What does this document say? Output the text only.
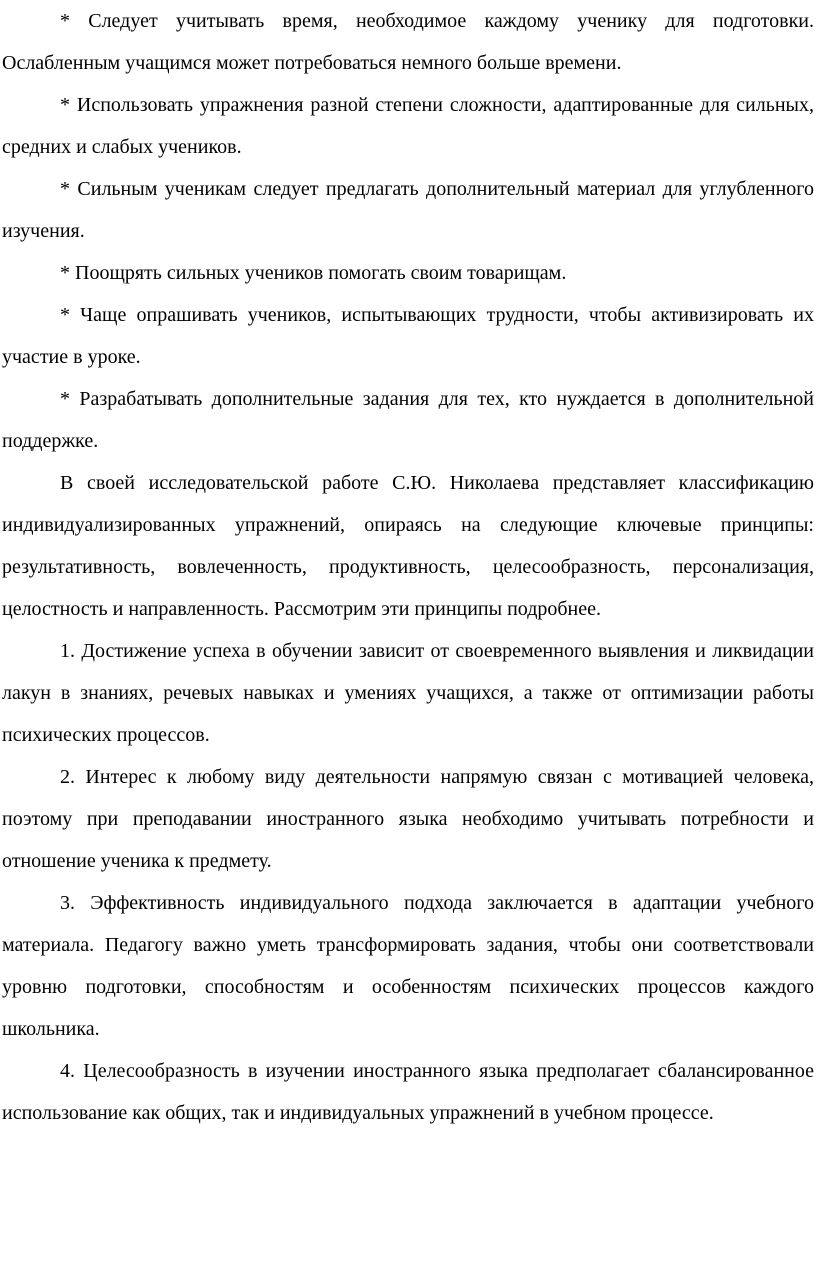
* Следует учитывать время, необходимое каждому ученику для подготовки. Ослабленным учащимся может потребоваться немного больше времени.

* Использовать упражнения разной степени сложности, адаптированные для сильных, средних и слабых учеников.

* Сильным ученикам следует предлагать дополнительный материал для углубленного изучения.

* Поощрять сильных учеников помогать своим товарищам.

* Чаще опрашивать учеников, испытывающих трудности, чтобы активизировать их участие в уроке.

* Разрабатывать дополнительные задания для тех, кто нуждается в дополнительной поддержке.

В своей исследовательской работе С.Ю. Николаева представляет классификацию индивидуализированных упражнений, опираясь на следующие ключевые принципы: результативность, вовлеченность, продуктивность, целесообразность, персонализация, целостность и направленность. Рассмотрим эти принципы подробнее.

1. Достижение успеха в обучении зависит от своевременного выявления и ликвидации лакун в знаниях, речевых навыках и умениях учащихся, а также от оптимизации работы психических процессов.

2. Интерес к любому виду деятельности напрямую связан с мотивацией человека, поэтому при преподавании иностранного языка необходимо учитывать потребности и отношение ученика к предмету.

3. Эффективность индивидуального подхода заключается в адаптации учебного материала. Педагогу важно уметь трансформировать задания, чтобы они соответствовали уровню подготовки, способностям и особенностям психических процессов каждого школьника.

4. Целесообразность в изучении иностранного языка предполагает сбалансированное использование как общих, так и индивидуальных упражнений в учебном процессе.
